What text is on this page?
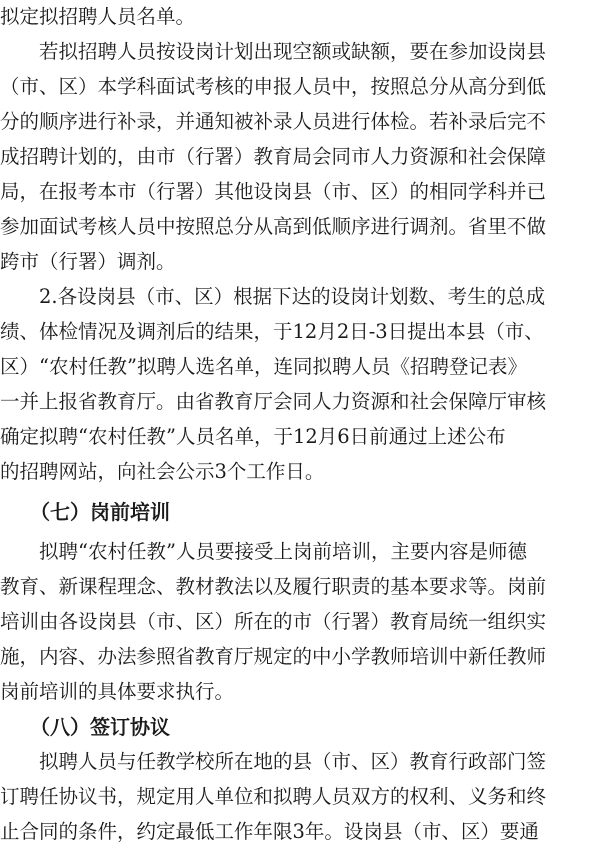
拟定拟招聘人员名单。
　　若拟招聘人员按设岗计划出现空额或缺额，要在参加设岗县
（市、区）本学科面试考核的申报人员中，按照总分从高分到低
分的顺序进行补录，并通知被补录人员进行体检。若补录后完不
成招聘计划的，由市（行署）教育局会同市人力资源和社会保障
局，在报考本市（行署）其他设岗县（市、区）的相同学科并已
参加面试考核人员中按照总分从高到低顺序进行调剂。省里不做
跨市（行署）调剂。
　　2.各设岗县（市、区）根据下达的设岗计划数、考生的总成
绩、体检情况及调剂后的结果，于12月2日-3日提出本县（市、
区）“农村任教”拟聘人选名单，连同拟聘人员《招聘登记表》
一并上报省教育厅。由省教育厅会同人力资源和社会保障厅审核
确定拟聘“农村任教”人员名单，于12月6日前通过上述公布
的招聘网站，向社会公示3个工作日。
　　（七）岗前培训
　　拟聘“农村任教”人员要接受上岗前培训，主要内容是师德
教育、新课程理念、教材教法以及履行职责的基本要求等。岗前
培训由各设岗县（市、区）所在的市（行署）教育局统一组织实
施，内容、办法参照省教育厅规定的中小学教师培训中新任教师
岗前培训的具体要求执行。
　　（八）签订协议
　　拟聘人员与任教学校所在地的县（市、区）教育行政部门签
订聘任协议书，规定用人单位和拟聘人员双方的权利、义务和终
止合同的条件，约定最低工作年限3年。设岗县（市、区）要通
